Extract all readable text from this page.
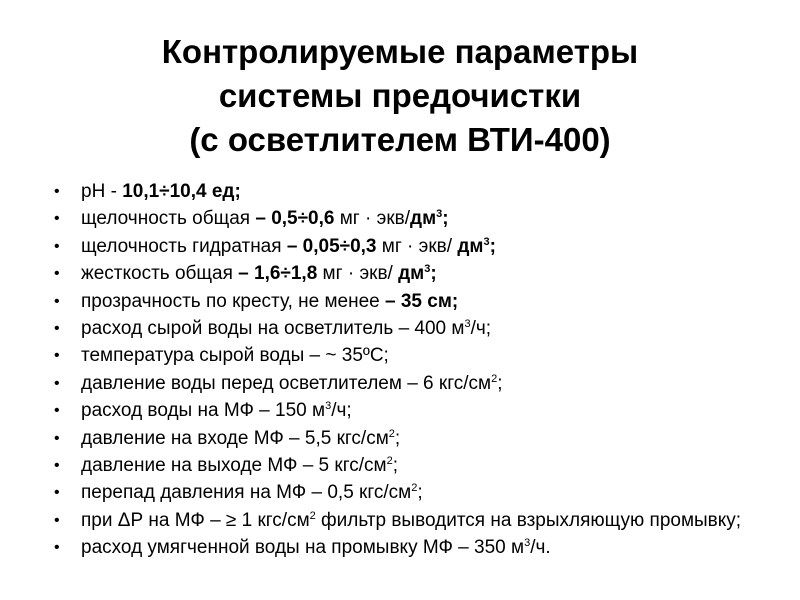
Контролируемые параметры
системы предочистки
(с осветлителем ВТИ-400)
• pH - 10,1÷10,4 ед;
• щелочность общая – 0,5÷0,6 мг · экв/$дм^3$;
• щелочность гидратная – 0,05÷0,3 мг · экв/ $дм^3$;
• жесткость общая – 1,6÷1,8 мг · экв/ $дм^3$;
• прозрачность по кресту, не менее – 35 см;
• расход сырой воды на осветлитель – 400 $м^3/ч$;
• температура сырой воды – ~ 35ºС;
• давление воды перед осветлителем – 6 кгс/$см^2$;
• расход воды на МФ – 150 $м^3/ч$;
• давление на входе МФ – 5,5 кгс/$см^2$;
• давление на выходе МФ – 5 кгс/$см^2$;
• перепад давления на МФ – 0,5 кгс/$см^2$;
• при ΔР на МФ – ≥ 1 кгс/$см^2$ фильтр выводится на взрыхляющую промывку;
• расход умягченной воды на промывку МФ – 350 $м^3/ч$.
